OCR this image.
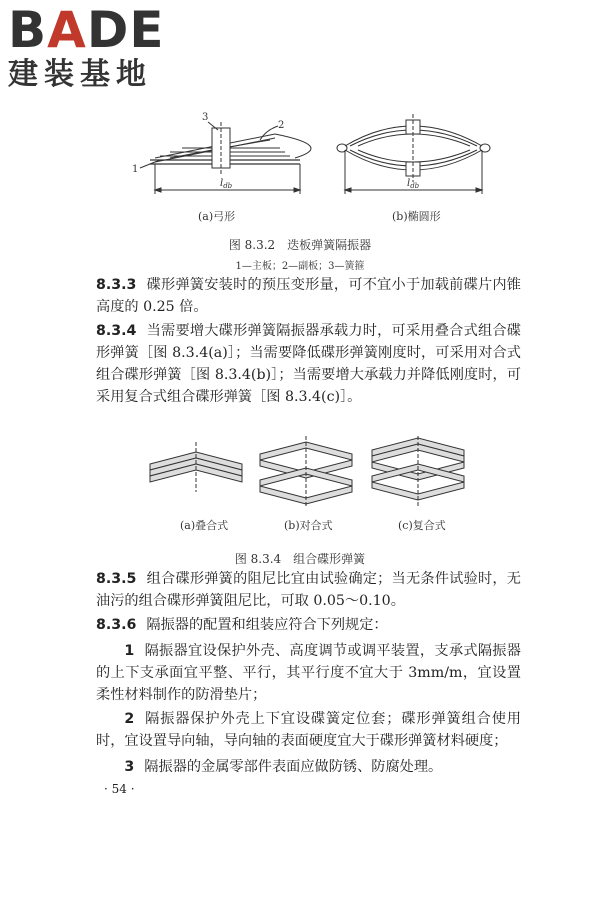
BADE
建装基地
1
3
2
$l_{db}$	$l_{db}$
(a)弓形	(b)椭圆形
图 8.3.2　迭板弹簧隔振器
1—主板；2—副板；3—簧箍
8.3.3 碟形弹簧安装时的预压变形量，可不宜小于加载前碟片内锥高度的 0.25 倍。
8.3.4 当需要增大碟形弹簧隔振器承载力时，可采用叠合式组合碟形弹簧［图 8.3.4(a)］；当需要降低碟形弹簧刚度时，可采用对合式组合碟形弹簧［图 8.3.4(b)］；当需要增大承载力并降低刚度时，可采用复合式组合碟形弹簧［图 8.3.4(c)］。
(a)叠合式	(b)对合式	(c)复合式
图 8.3.4　组合碟形弹簧
8.3.5 组合碟形弹簧的阻尼比宜由试验确定；当无条件试验时，无油污的组合碟形弹簧阻尼比，可取 0.05～0.10。
8.3.6 隔振器的配置和组装应符合下列规定：
1 隔振器宜设保护外壳、高度调节或调平装置，支承式隔振器的上下支承面宜平整、平行，其平行度不宜大于 3mm/m，宜设置柔性材料制作的防滑垫片；
2 隔振器保护外壳上下宜设碟簧定位套；碟形弹簧组合使用时，宜设置导向轴，导向轴的表面硬度宜大于碟形弹簧材料硬度；
3 隔振器的金属零部件表面应做防锈、防腐处理。
· 54 ·
